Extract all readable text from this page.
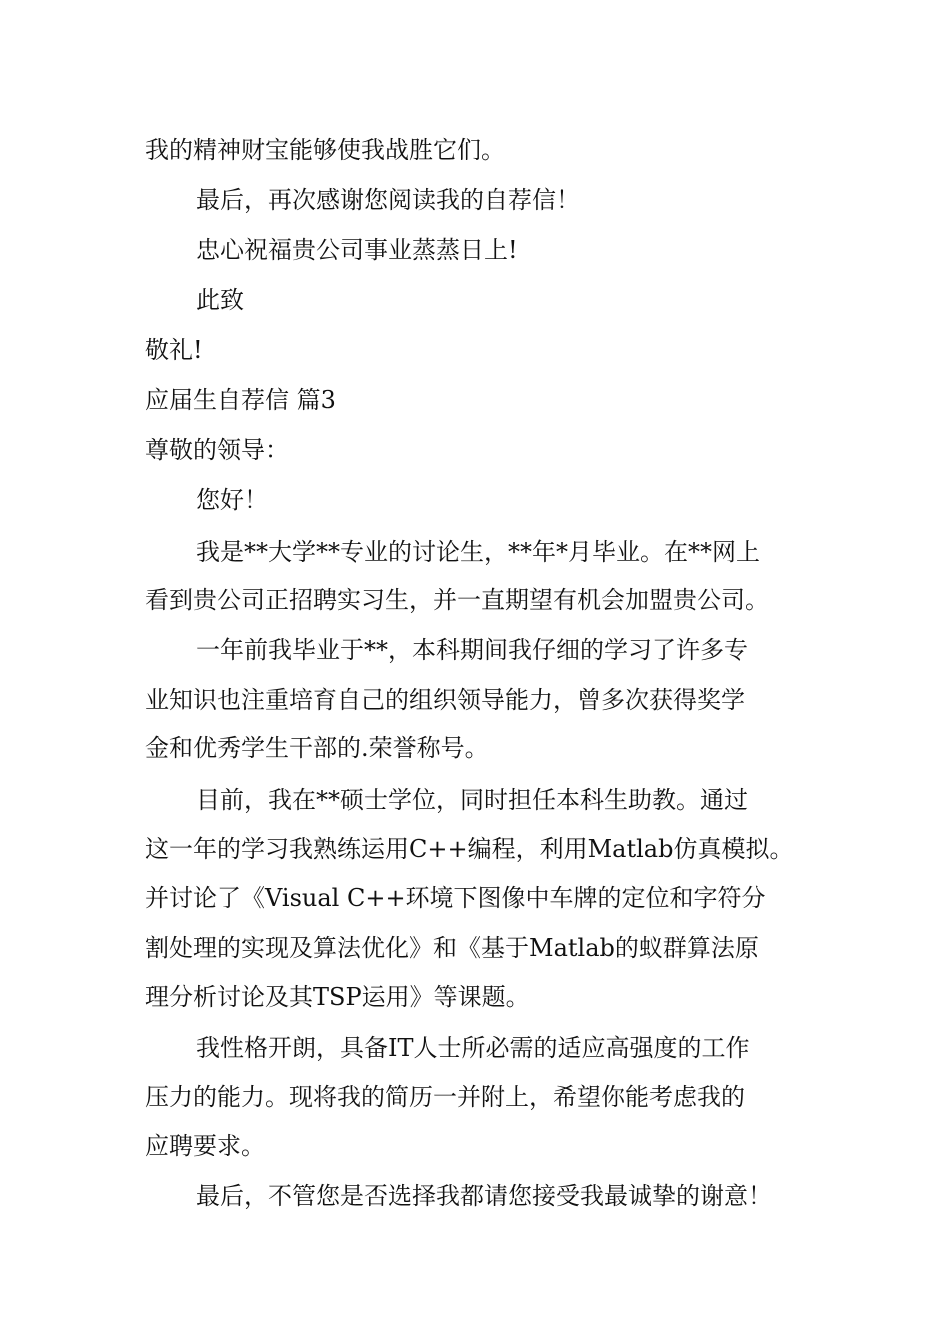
我的精神财宝能够使我战胜它们。
最后，再次感谢您阅读我的自荐信！
忠心祝福贵公司事业蒸蒸日上!
此致
敬礼!
应届生自荐信 篇3
尊敬的领导：
您好！
我是**大学**专业的讨论生，**年*月毕业。在**网上
看到贵公司正招聘实习生，并一直期望有机会加盟贵公司。
一年前我毕业于**，本科期间我仔细的学习了许多专
业知识也注重培育自己的组织领导能力，曾多次获得奖学
金和优秀学生干部的.荣誉称号。
目前，我在**硕士学位，同时担任本科生助教。通过
这一年的学习我熟练运用C++编程，利用Matlab仿真模拟。
并讨论了《Visual C++环境下图像中车牌的定位和字符分
割处理的实现及算法优化》和《基于Matlab的蚁群算法原
理分析讨论及其TSP运用》等课题。
我性格开朗，具备IT人士所必需的适应高强度的工作
压力的能力。现将我的简历一并附上，希望你能考虑我的
应聘要求。
最后，不管您是否选择我都请您接受我最诚挚的谢意！
